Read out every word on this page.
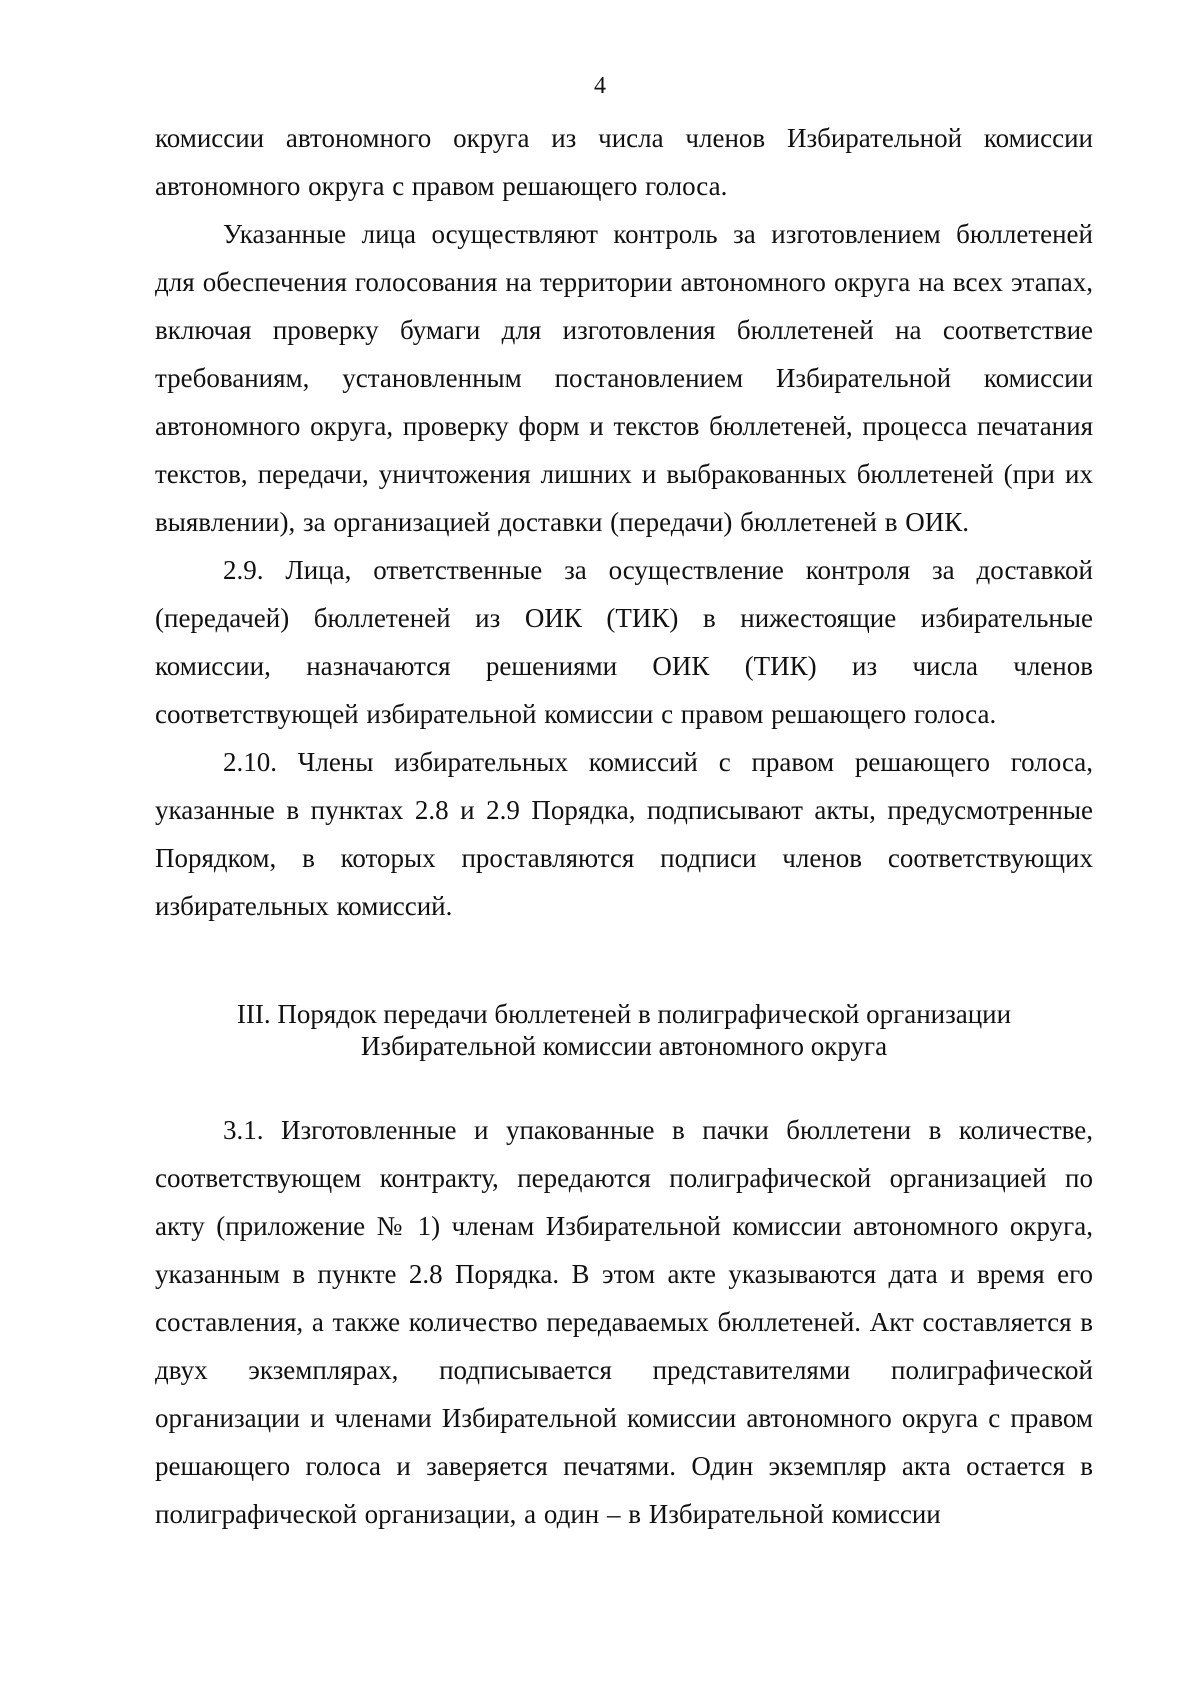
4

комиссии автономного округа из числа членов Избирательной комиссии автономного округа с правом решающего голоса.

Указанные лица осуществляют контроль за изготовлением бюллетеней для обеспечения голосования на территории автономного округа на всех этапах, включая проверку бумаги для изготовления бюллетеней на соответствие требованиям, установленным постановлением Избирательной комиссии автономного округа, проверку форм и текстов бюллетеней, процесса печатания текстов, передачи, уничтожения лишних и выбракованных бюллетеней (при их выявлении), за организацией доставки (передачи) бюллетеней в ОИК.

2.9. Лица, ответственные за осуществление контроля за доставкой (передачей) бюллетеней из ОИК (ТИК) в нижестоящие избирательные комиссии, назначаются решениями ОИК (ТИК) из числа членов соответствующей избирательной комиссии с правом решающего голоса.

2.10. Члены избирательных комиссий с правом решающего голоса, указанные в пунктах 2.8 и 2.9 Порядка, подписывают акты, предусмотренные Порядком, в которых проставляются подписи членов соответствующих избирательных комиссий.

III. Порядок передачи бюллетеней в полиграфической организации
Избирательной комиссии автономного округа

3.1. Изготовленные и упакованные в пачки бюллетени в количестве, соответствующем контракту, передаются полиграфической организацией по акту (приложение № 1) членам Избирательной комиссии автономного округа, указанным в пункте 2.8 Порядка. В этом акте указываются дата и время его составления, а также количество передаваемых бюллетеней. Акт составляется в двух экземплярах, подписывается представителями полиграфической организации и членами Избирательной комиссии автономного округа с правом решающего голоса и заверяется печатями. Один экземпляр акта остается в полиграфической организации, а один – в Избирательной комиссии
